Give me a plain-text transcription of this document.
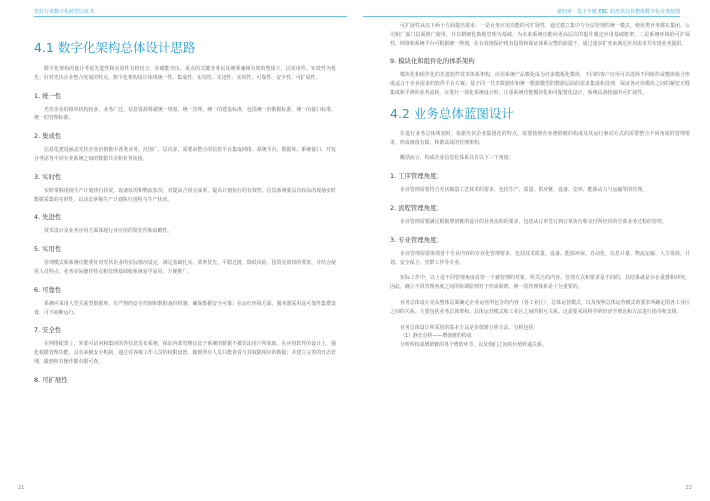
光伏行业数字化转型白皮书
4.1 数字化架构总体设计思路

数字化架构的设计考虑先进性和实用性有机结合，在赋能突出、重点的关键业务以及统筹兼顾有效的整体下，以实用性、实效性为优先；针对光伏企业整合发展的特点，数字化架构设计体现统一性、集成性、实用性、先进性、实用性、可靠性、安全性、可扩展性。

1. 统一性

光伏企业的组织机构较多，业务广泛，信息资源将被统一规划、统一管理。统一的建设标准，包括统一的数据标准、统一的接口标准、统一的管理标准。

2. 集成性

信息化建设涵盖光伏企业价值链中各类业务，范围广，层次多，需要由整合的信息平台集成网络、系统平台、数据库、系统接口、开发分考虑各不同专业系统之间的数据共享和业务衔接。

3. 实时性

实时掌握现场生产计划执行状况，设备状况和物流状况，对提高合同完成率，提高计划执行的有效性。信息系统要具有较高的现场实时数据采集的实时性，以动态掌握生产计划执行进程与生产状况。

4. 先进性

技术设计及业务应用方面体现行业应用的领先性和前瞻性。

5. 实用性

管理模式和系统功能要针对光伏企业的实际情况设定，满足基础扎实、效率优先、平稳过渡，降低风险，投资见效快的要求，并结合使用人员特点，业务实际操作特点和管理基础使系统易学易用、方便推广。

6. 可靠性

系统应采用大型关系型数据库，有严格的安全控制和数据备份机制，确保数据安全可靠；在运行环境方面，服务器采用高可靠性集群设置，可不间断运行。

7. 安全性

在网络配置上，外部可访问和集团的外信息发布系统，保证内部管理信息子系统的数据不被非法用户所获取。在应用软件的设计上，强化权限管理功能，具有多级安全机制，通过对各级工作人员的权限设置，做到所有人员只能查看与其权限相应的数据；并建立完善的日志管理，做到所有操作都有据可查。

8. 可扩展性
21
第四章　基于全链 EBC 的光伏行业整体数字化业务蓝图

可扩展性从以下两个方面提出要求：一是业务应用功能的可扩展性，通过建立集中与分层管理的统一模式，使用类业务都在集团、公司和厂部门层面推广使用，并以精细化数据管理为基础，为未来系统功能向更高层次的提升奠定应用基础框架；二是系统环境的可扩展性，网络和系统平台可根据统一规划，在有效地保护现有投资和保证体系完整的前提下，通过逐步扩充来满足应用需求并实现业务提供。

9. 模块化和组件化的体系架构

模块化和组件化的先进软件技术体系架构，应用系统产品模化成为许多模板化模块，不同的客户应用可以选择不同组件或模块组合形成适合于企业需求的软件平台方案；基于同一共享数据库和统一数据模型的数据层面的需求集成和处理，保证各应用模块之间的紧密无缝集成和平滑的业务流转，在进行一体化系统设计时，注重系统功能模块化和可配置化设计，系统具备较强的可扩展性。

4.2 业务总体蓝图设计

在进行业务总体规划时，依据光伏企业集团化的特点，需要按照企业增值链的构成及其运行驱动方式的需要整合不同角度的管理要求，形成细落有致、和谐高效的管理架构。

概括而言，构成企业信息化体系具有以下三个角度：

1. 工序管理角度：

企业管理需要符合光伏制造工艺技术的要求，包括生产、质量、供应链、设备、安环、能源动力与运输等的管理。

2. 流程管理角度：

企业管理需要满足根据增值链所设计的业务流程的要求，包括从订单签订到订单执行和交付所经历的全部业务过程的管理。

3. 专业管理角度：

企业管理需要体现各个专业内容的专业化管理要求，包括技术质量、设备、能源环保、自动化、信息计量、物流运输、人力资源、计划、安全保卫、党群工作等专业。

实际工作中，以上述不同管理角度看待一个被管理的对象，所关注的内容、管理方式和要求是不同的，其结果就是存在重叠和冲突。因此，确立不同管理角度之间的协调原则对于形成和谐、统一的管理体系是十分重要的。

业务总体设计是从整体层面确定企业运营所包含的内容（各工业区），总体运营模式，以及按照总体运营模式的要求所确定的各工业区之间的关系。主要包括业务总体架构、总体运营模式和工业区之间的相互关系。这需要采用科学的经济学理论和方法进行指导和支撑。

业务总体设计所采用的基本方法是价值链分析方法。分析包括：

（1）静态分析——增值链的构成

分析所构成增值链的各个增值环节，以及他们之间的价值传递关系。

22
